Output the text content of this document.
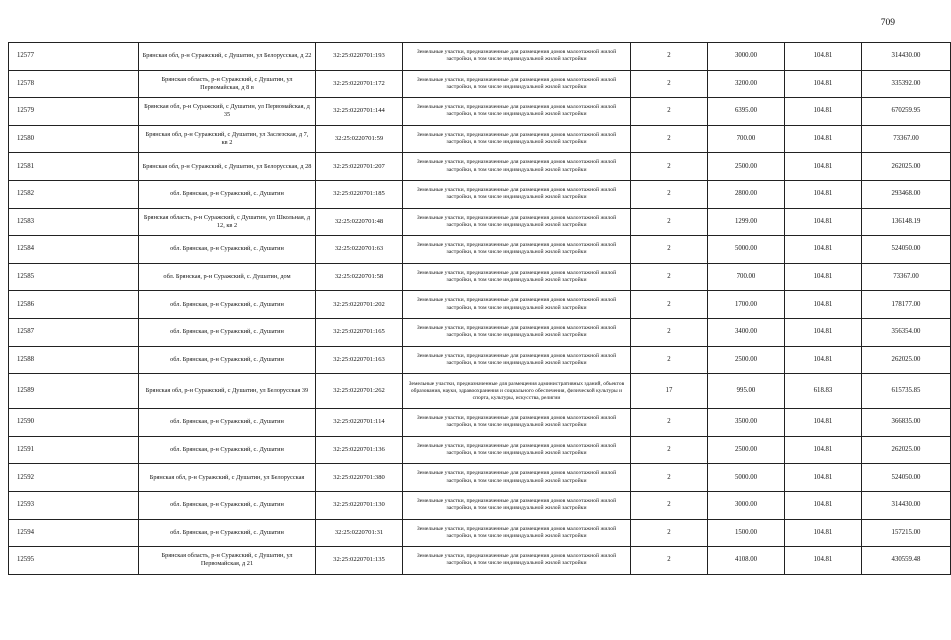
709
12577	Брянская обл, р-н Суражский, с Душатин, ул Белорусская, д 22	32:25:0220701:193	Земельные участки, предназначенные для размещения домов малоэтажной жилой застройки, в том числе индивидуальной жилой застройки	2	3000.00	104.81	314430.00
12578	Брянская область, р-н Суражский, с Душатин, ул Первомайская, д 8 в	32:25:0220701:172	Земельные участки, предназначенные для размещения домов малоэтажной жилой застройки, в том числе индивидуальной жилой застройки	2	3200.00	104.81	335392.00
12579	Брянская обл, р-н Суражский, с Душатин, ул Первомайская, д 35	32:25:0220701:144	Земельные участки, предназначенные для размещения домов малоэтажной жилой застройки, в том числе индивидуальной жилой застройки	2	6395.00	104.81	670259.95
12580	Брянская обл, р-н Суражский, с Душатин, ул Заслезская, д 7, кв 2	32:25:0220701:59	Земельные участки, предназначенные для размещения домов малоэтажной жилой застройки, в том числе индивидуальной жилой застройки	2	700.00	104.81	73367.00
12581	Брянская обл, р-н Суражский, с Душатин, ул Белорусская, д 28	32:25:0220701:207	Земельные участки, предназначенные для размещения домов малоэтажной жилой застройки, в том числе индивидуальной жилой застройки	2	2500.00	104.81	262025.00
12582	обл. Брянская, р-н Суражский, с. Душатин	32:25:0220701:185	Земельные участки, предназначенные для размещения домов малоэтажной жилой застройки, в том числе индивидуальной жилой застройки	2	2800.00	104.81	293468.00
12583	Брянская область, р-н Суражский, с Душатин, ул Школьная, д 12, кв 2	32:25:0220701:48	Земельные участки, предназначенные для размещения домов малоэтажной жилой застройки, в том числе индивидуальной жилой застройки	2	1299.00	104.81	136148.19
12584	обл. Брянская, р-н Суражский, с. Душатин	32:25:0220701:63	Земельные участки, предназначенные для размещения домов малоэтажной жилой застройки, в том числе индивидуальной жилой застройки	2	5000.00	104.81	524050.00
12585	обл. Брянская, р-н Суражский, с. Душатин, дом	32:25:0220701:58	Земельные участки, предназначенные для размещения домов малоэтажной жилой застройки, в том числе индивидуальной жилой застройки	2	700.00	104.81	73367.00
12586	обл. Брянская, р-н Суражский, с. Душатин	32:25:0220701:202	Земельные участки, предназначенные для размещения домов малоэтажной жилой застройки, в том числе индивидуальной жилой застройки	2	1700.00	104.81	178177.00
12587	обл. Брянская, р-н Суражский, с. Душатин	32:25:0220701:165	Земельные участки, предназначенные для размещения домов малоэтажной жилой застройки, в том числе индивидуальной жилой застройки	2	3400.00	104.81	356354.00
12588	обл. Брянская, р-н Суражский, с. Душатин	32:25:0220701:163	Земельные участки, предназначенные для размещения домов малоэтажной жилой застройки, в том числе индивидуальной жилой застройки	2	2500.00	104.81	262025.00
12589	Брянская обл, р-н Суражский, с Душатин, ул Белорусская 39	32:25:0220701:262	Земельные участки, предназначенные для размещения административных зданий, объектов образования, науки, здравоохранения и социального обеспечения, физической культуры и спорта, культуры, искусства, религии	17	995.00	618.83	615735.85
12590	обл. Брянская, р-н Суражский, с. Душатин	32:25:0220701:114	Земельные участки, предназначенные для размещения домов малоэтажной жилой застройки, в том числе индивидуальной жилой застройки	2	3500.00	104.81	366835.00
12591	обл. Брянская, р-н Суражский, с. Душатин	32:25:0220701:136	Земельные участки, предназначенные для размещения домов малоэтажной жилой застройки, в том числе индивидуальной жилой застройки	2	2500.00	104.81	262025.00
12592	Брянская обл, р-н Суражский, с Душатин, ул Белорусская	32:25:0220701:380	Земельные участки, предназначенные для размещения домов малоэтажной жилой застройки, в том числе индивидуальной жилой застройки	2	5000.00	104.81	524050.00
12593	обл. Брянская, р-н Суражский, с. Душатин	32:25:0220701:130	Земельные участки, предназначенные для размещения домов малоэтажной жилой застройки, в том числе индивидуальной жилой застройки	2	3000.00	104.81	314430.00
12594	обл. Брянская, р-н Суражский, с. Душатин	32:25:0220701:31	Земельные участки, предназначенные для размещения домов малоэтажной жилой застройки, в том числе индивидуальной жилой застройки	2	1500.00	104.81	157215.00
12595	Брянская область, р-н Суражский, с Душатин, ул Первомайская, д 21	32:25:0220701:135	Земельные участки, предназначенные для размещения домов малоэтажной жилой застройки, в том числе индивидуальной жилой застройки	2	4108.00	104.81	430559.48
